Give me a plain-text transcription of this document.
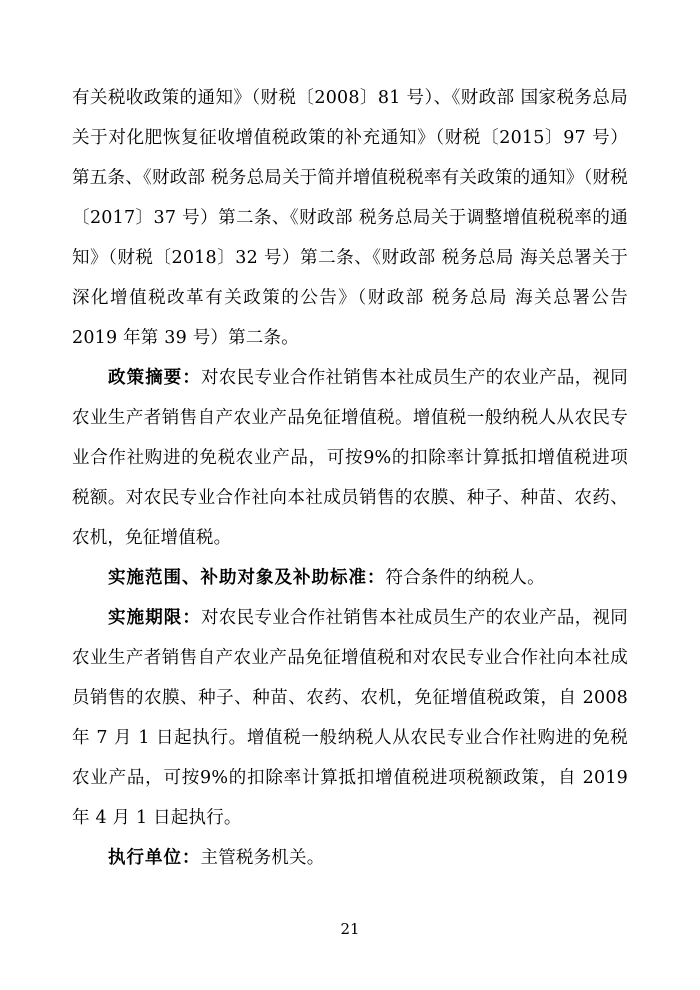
有关税收政策的通知》（财税〔2008〕81 号）、《财政部 国家税务总局关于对化肥恢复征收增值税政策的补充通知》（财税〔2015〕97 号）第五条、《财政部 税务总局关于简并增值税税率有关政策的通知》（财税〔2017〕37 号）第二条、《财政部 税务总局关于调整增值税税率的通知》（财税〔2018〕32 号）第二条、《财政部 税务总局 海关总署关于深化增值税改革有关政策的公告》（财政部 税务总局 海关总署公告 2019 年第 39 号）第二条。

政策摘要：对农民专业合作社销售本社成员生产的农业产品，视同农业生产者销售自产农业产品免征增值税。增值税一般纳税人从农民专业合作社购进的免税农业产品，可按9%的扣除率计算抵扣增值税进项税额。对农民专业合作社向本社成员销售的农膜、种子、种苗、农药、农机，免征增值税。

实施范围、补助对象及补助标准：符合条件的纳税人。

实施期限：对农民专业合作社销售本社成员生产的农业产品，视同农业生产者销售自产农业产品免征增值税和对农民专业合作社向本社成员销售的农膜、种子、种苗、农药、农机，免征增值税政策，自 2008 年 7 月 1 日起执行。增值税一般纳税人从农民专业合作社购进的免税农业产品，可按9%的扣除率计算抵扣增值税进项税额政策，自 2019 年 4 月 1 日起执行。

执行单位：主管税务机关。

21
